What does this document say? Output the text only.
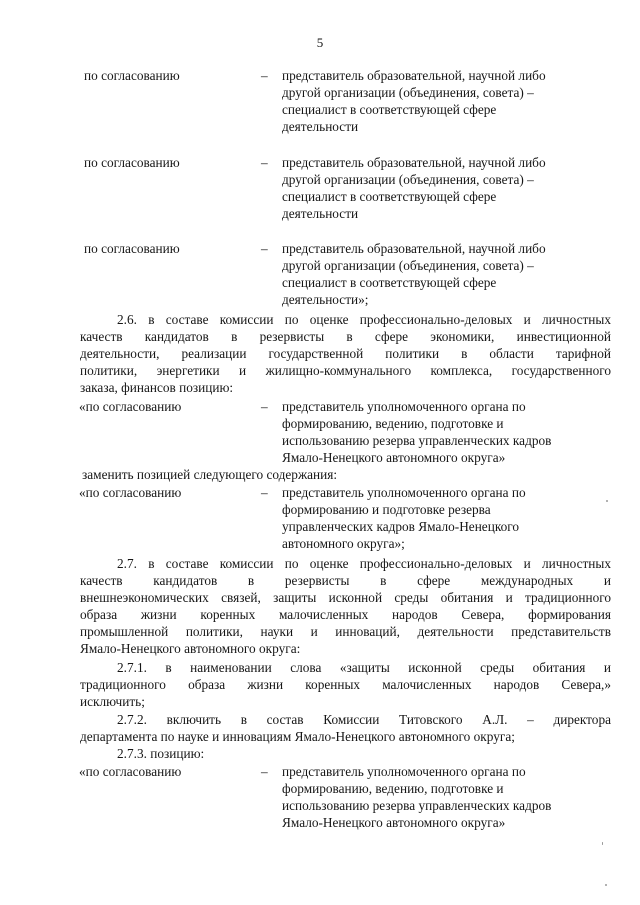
5
по согласованию	– представитель образовательной, научной либо
другой организации (объединения, совета) –
специалист в соответствующей сфере
деятельности
по согласованию	– представитель образовательной, научной либо
другой организации (объединения, совета) –
специалист в соответствующей сфере
деятельности
по согласованию	– представитель образовательной, научной либо
другой организации (объединения, совета) –
специалист в соответствующей сфере
деятельности»;
2.6. в составе комиссии по оценке профессионально-деловых и личностных
качеств кандидатов в резервисты в сфере экономики, инвестиционной
деятельности, реализации государственной политики в области тарифной
политики, энергетики и жилищно-коммунального комплекса, государственного
заказа, финансов позицию:
«по согласованию	– представитель уполномоченного органа по
формированию, ведению, подготовке и
использованию резерва управленческих кадров
Ямало-Ненецкого автономного округа»
заменить позицией следующего содержания:
«по согласованию	– представитель уполномоченного органа по
формированию и подготовке резерва
управленческих кадров Ямало-Ненецкого
автономного округа»;
2.7. в составе комиссии по оценке профессионально-деловых и личностных
качеств кандидатов в резервисты в сфере международных и
внешнеэкономических связей, защиты исконной среды обитания и традиционного
образа жизни коренных малочисленных народов Севера, формирования
промышленной политики, науки и инноваций, деятельности представительств
Ямало-Ненецкого автономного округа:
2.7.1. в наименовании слова «защиты исконной среды обитания и
традиционного образа жизни коренных малочисленных народов Севера,»
исключить;
2.7.2. включить в состав Комиссии Титовского А.Л. – директора
департамента по науке и инновациям Ямало-Ненецкого автономного округа;
2.7.3. позицию:
«по согласованию	– представитель уполномоченного органа по
формированию, ведению, подготовке и
использованию резерва управленческих кадров
Ямало-Ненецкого автономного округа»
